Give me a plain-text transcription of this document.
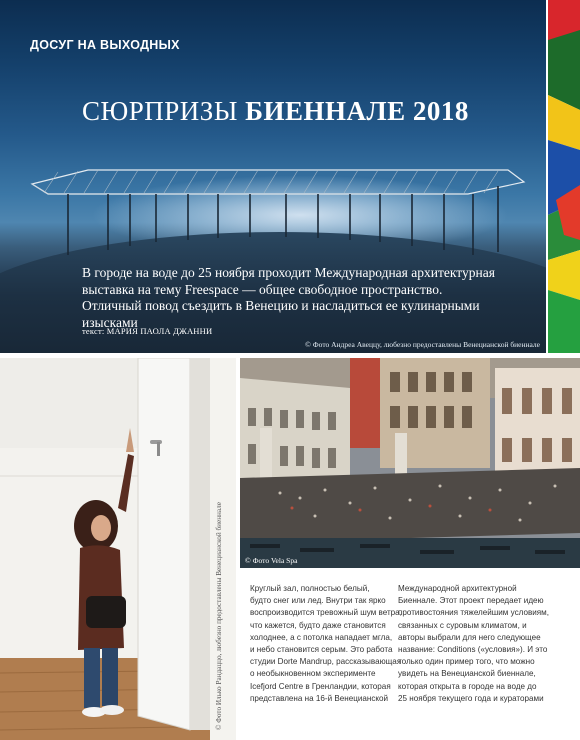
ДОСУГ НА ВЫХОДНЫХ
СЮРПРИЗЫ БИЕННАЛЕ 2018
В городе на воде до 25 ноября проходит Международная архитектурная
выставка на тему Freespace — общее свободное пространство.
Отличный повод съездить в Венецию и насладиться ее кулинарными
изысками
текст: МАРИЯ ПАОЛА ДЖАННИ
© Фото Андреа Авеццу, любезно предоставлены Венецианской биеннале
© Фото Илько Рандаццо, любезно предоставлены Венецианской биеннале	© Фото Vela Spa
Круглый зал, полностью белый,
будто снег или лед. Внутри так ярко
воспроизводится тревожный шум ветра,
что кажется, будто даже становится
холоднее, а с потолка нападает мгла,
и небо становится серым. Это работа
студии Dorte Mandrup, рассказывающая
о необыкновенном эксперименте
Icefjord Centre в Гренландии, которая
представлена на 16-й Венецианской
Международной архитектурной
Биеннале. Этот проект передает идею
противостояния тяжелейшим условиям,
связанных с суровым климатом, и
авторы выбрали для него следующее
название: Conditions («условия»). И это
только один пример того, что можно
увидеть на Венецианской биеннале,
которая открыта в городе на воде до
25 ноября текущего года и кураторами
